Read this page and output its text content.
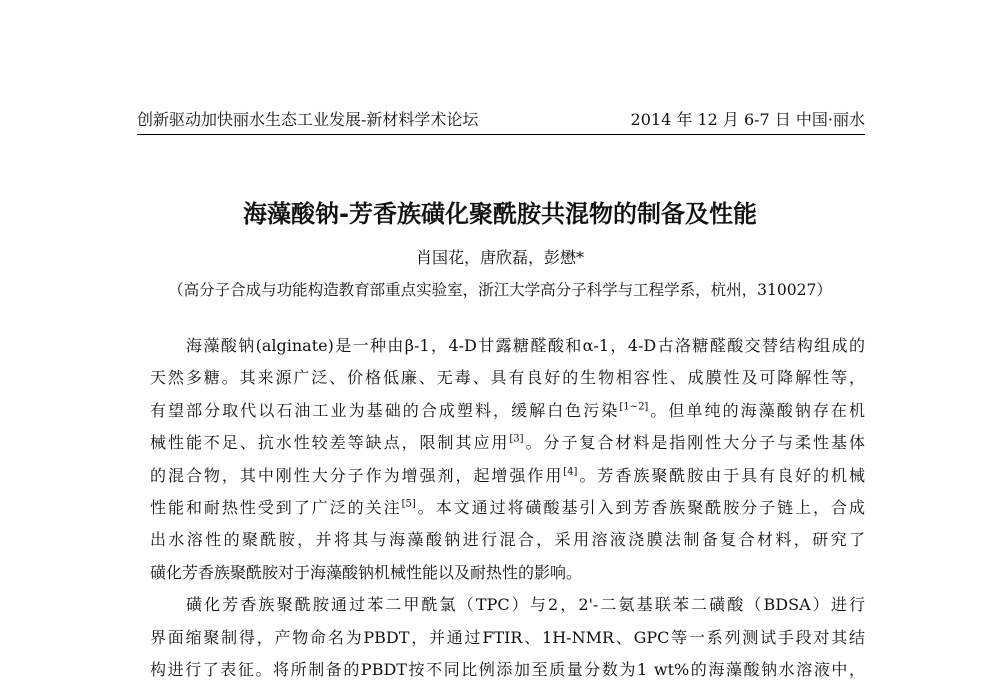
创新驱动加快丽水生态工业发展-新材料学术论坛	2014 年 12 月 6-7 日 中国·丽水
海藻酸钠-芳香族磺化聚酰胺共混物的制备及性能
肖国花，唐欣磊，彭懋*
（高分子合成与功能构造教育部重点实验室，浙江大学高分子科学与工程学系，杭州，310027）
海藻酸钠(alginate)是一种由β-1，4-D甘露糖醛酸和α-1，4-D古洛糖醛酸交替结构组成的
天然多糖。其来源广泛、价格低廉、无毒、具有良好的生物相容性、成膜性及可降解性等，
有望部分取代以石油工业为基础的合成塑料，缓解白色污染[1~2]。但单纯的海藻酸钠存在机
械性能不足、抗水性较差等缺点，限制其应用[3]。分子复合材料是指刚性大分子与柔性基体
的混合物，其中刚性大分子作为增强剂，起增强作用[4]。芳香族聚酰胺由于具有良好的机械
性能和耐热性受到了广泛的关注[5]。本文通过将磺酸基引入到芳香族聚酰胺分子链上，合成
出水溶性的聚酰胺，并将其与海藻酸钠进行混合，采用溶液浇膜法制备复合材料，研究了
磺化芳香族聚酰胺对于海藻酸钠机械性能以及耐热性的影响。
磺化芳香族聚酰胺通过苯二甲酰氯（TPC）与2，2'-二氨基联苯二磺酸（BDSA）进行
界面缩聚制得，产物命名为PBDT，并通过FTIR、1H-NMR、GPC等一系列测试手段对其结
构进行了表征。将所制备的PBDT按不同比例添加至质量分数为1 wt%的海藻酸钠水溶液中，
